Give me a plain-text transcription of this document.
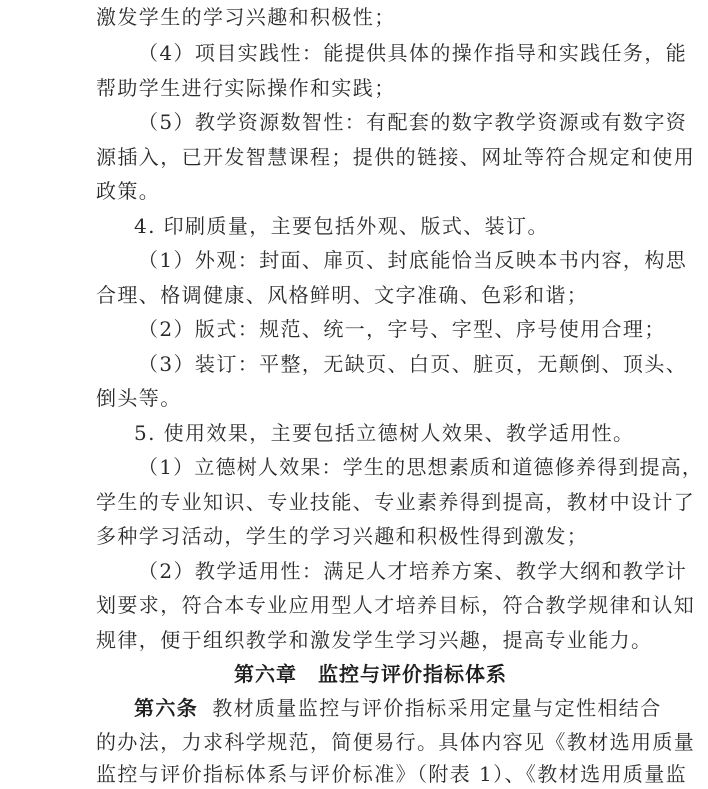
激发学生的学习兴趣和积极性；
（4）项目实践性：能提供具体的操作指导和实践任务，能
帮助学生进行实际操作和实践；
（5）教学资源数智性：有配套的数字教学资源或有数字资
源插入，已开发智慧课程；提供的链接、网址等符合规定和使用
政策。
4. 印刷质量，主要包括外观、版式、装订。
（1）外观：封面、扉页、封底能恰当反映本书内容，构思
合理、格调健康、风格鲜明、文字准确、色彩和谐；
（2）版式：规范、统一，字号、字型、序号使用合理；
（3）装订：平整，无缺页、白页、脏页，无颠倒、顶头、
倒头等。
5. 使用效果，主要包括立德树人效果、教学适用性。
（1）立德树人效果：学生的思想素质和道德修养得到提高，
学生的专业知识、专业技能、专业素养得到提高，教材中设计了
多种学习活动，学生的学习兴趣和积极性得到激发；
（2）教学适用性：满足人才培养方案、教学大纲和教学计
划要求，符合本专业应用型人才培养目标，符合教学规律和认知
规律，便于组织教学和激发学生学习兴趣，提高专业能力。
第六章　监控与评价指标体系
第六条 教材质量监控与评价指标采用定量与定性相结合
的办法，力求科学规范，简便易行。具体内容见《教材选用质量
监控与评价指标体系与评价标准》（附表 1）、《教材选用质量监
